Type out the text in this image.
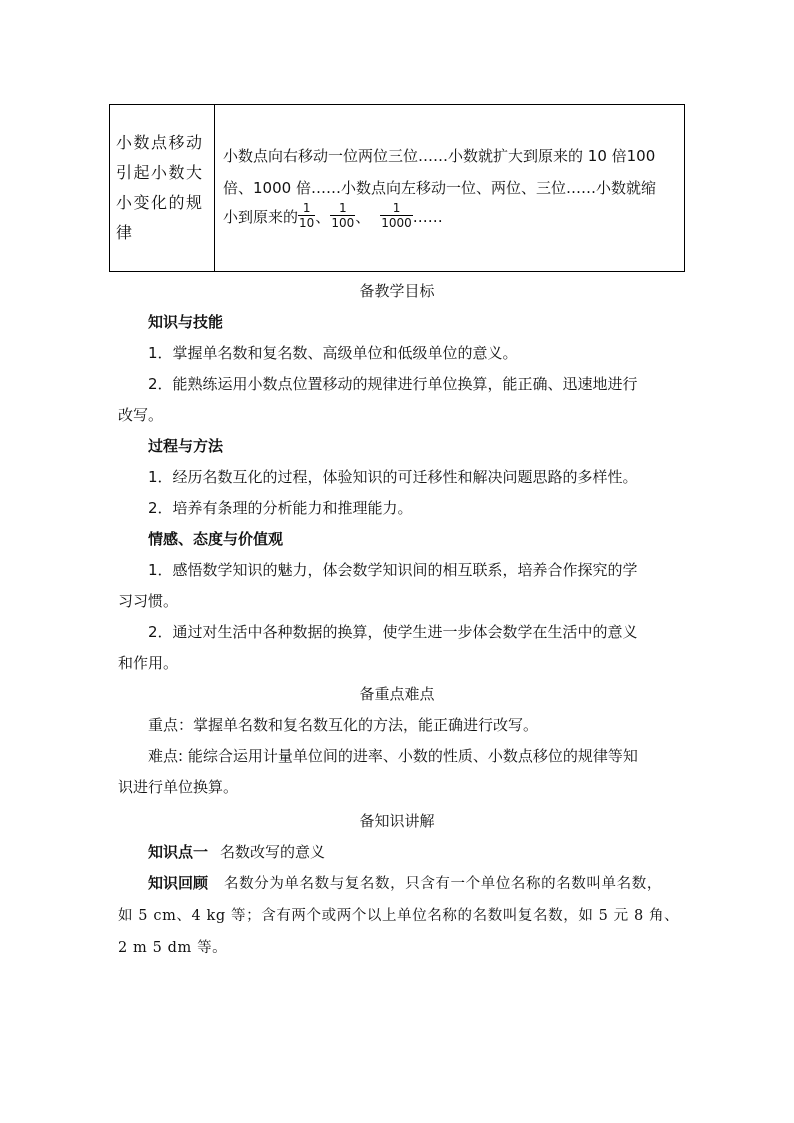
小数点移动引起小数大小变化的规律
小数点向右移动一位两位三位……小数就扩大到原来的 10 倍100
倍、1000 倍……小数点向左移动一位、两位、三位……小数就缩
小到原来的 $\frac{1}{10}$ 、 $\frac{1}{100}$ 、 $\frac{1}{1000}$ ……
备教学目标
知识与技能
1．掌握单名数和复名数、高级单位和低级单位的意义。
2．能熟练运用小数点位置移动的规律进行单位换算，能正确、迅速地进行
改写。
过程与方法
1．经历名数互化的过程，体验知识的可迁移性和解决问题思路的多样性。
2．培养有条理的分析能力和推理能力。
情感、态度与价值观
1．感悟数学知识的魅力，体会数学知识间的相互联系，培养合作探究的学
习习惯。
2．通过对生活中各种数据的换算，使学生进一步体会数学在生活中的意义
和作用。
备重点难点
重点：掌握单名数和复名数互化的方法，能正确进行改写。
难点: 能综合运用计量单位间的进率、小数的性质、小数点移位的规律等知
识进行单位换算。
备知识讲解
知识点一 名数改写的意义
知识回顾 名数分为单名数与复名数，只含有一个单位名称的名数叫单名数，
如 5 cm、4 kg 等；含有两个或两个以上单位名称的名数叫复名数，如 5 元 8 角、
2 m 5 dm 等。
